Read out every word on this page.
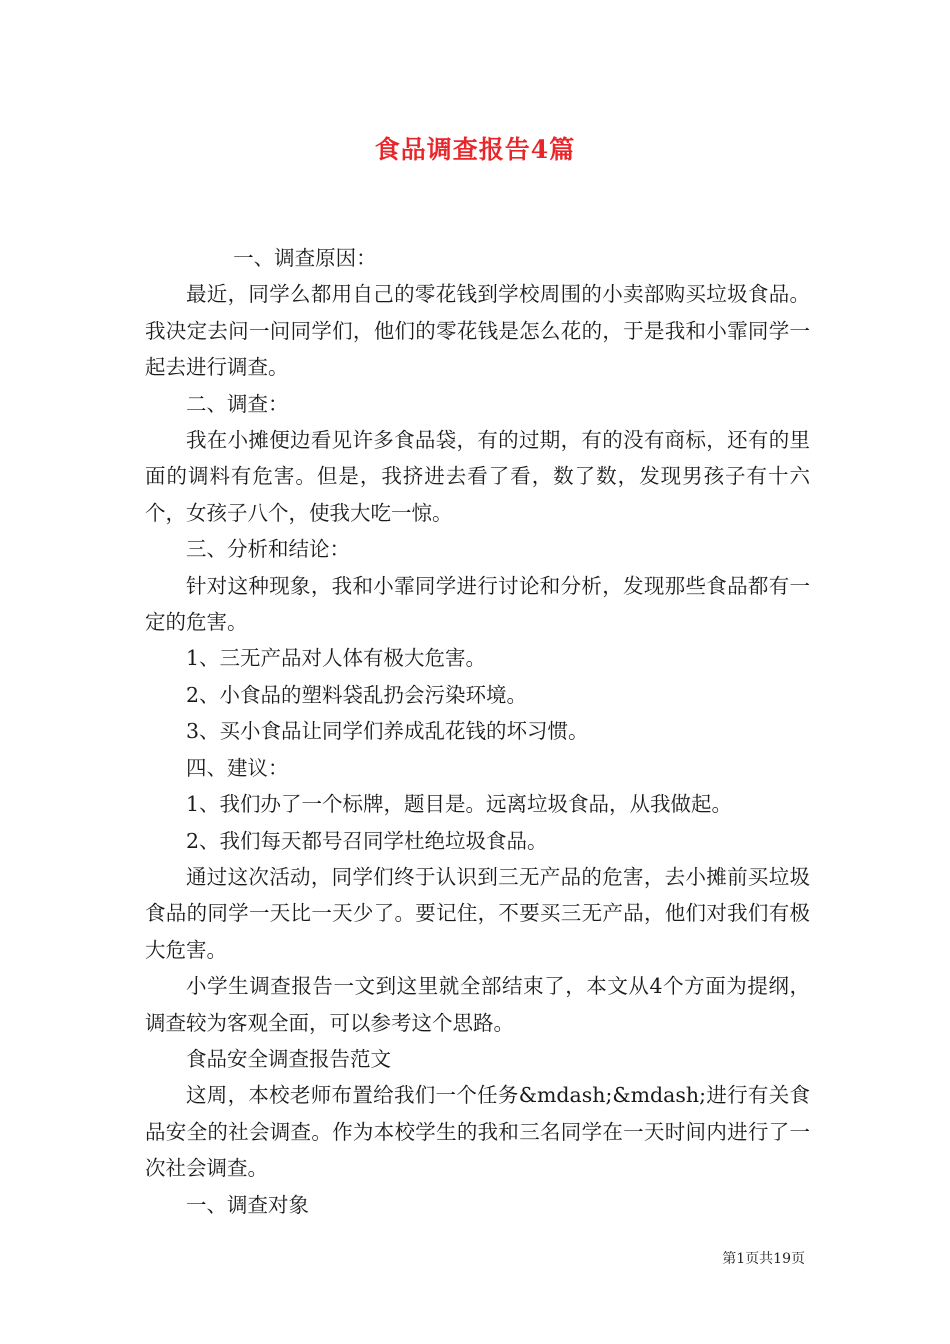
食品调查报告4篇

一、调查原因：

最近，同学么都用自己的零花钱到学校周围的小卖部购买垃圾食品。我决定去问一问同学们，他们的零花钱是怎么花的，于是我和小霏同学一起去进行调查。

二、调查：

我在小摊便边看见许多食品袋，有的过期，有的没有商标，还有的里面的调料有危害。但是，我挤进去看了看，数了数，发现男孩子有十六个，女孩子八个，使我大吃一惊。

三、分析和结论：

针对这种现象，我和小霏同学进行讨论和分析，发现那些食品都有一定的危害。

1、三无产品对人体有极大危害。

2、小食品的塑料袋乱扔会污染环境。

3、买小食品让同学们养成乱花钱的坏习惯。

四、建议：

1、我们办了一个标牌，题目是。远离垃圾食品，从我做起。

2、我们每天都号召同学杜绝垃圾食品。

通过这次活动，同学们终于认识到三无产品的危害，去小摊前买垃圾食品的同学一天比一天少了。要记住，不要买三无产品，他们对我们有极大危害。

小学生调查报告一文到这里就全部结束了，本文从4个方面为提纲，调查较为客观全面，可以参考这个思路。

食品安全调查报告范文

这周，本校老师布置给我们一个任务&mdash;&mdash;进行有关食品安全的社会调查。作为本校学生的我和三名同学在一天时间内进行了一次社会调查。

一、调查对象

第1页共19页
